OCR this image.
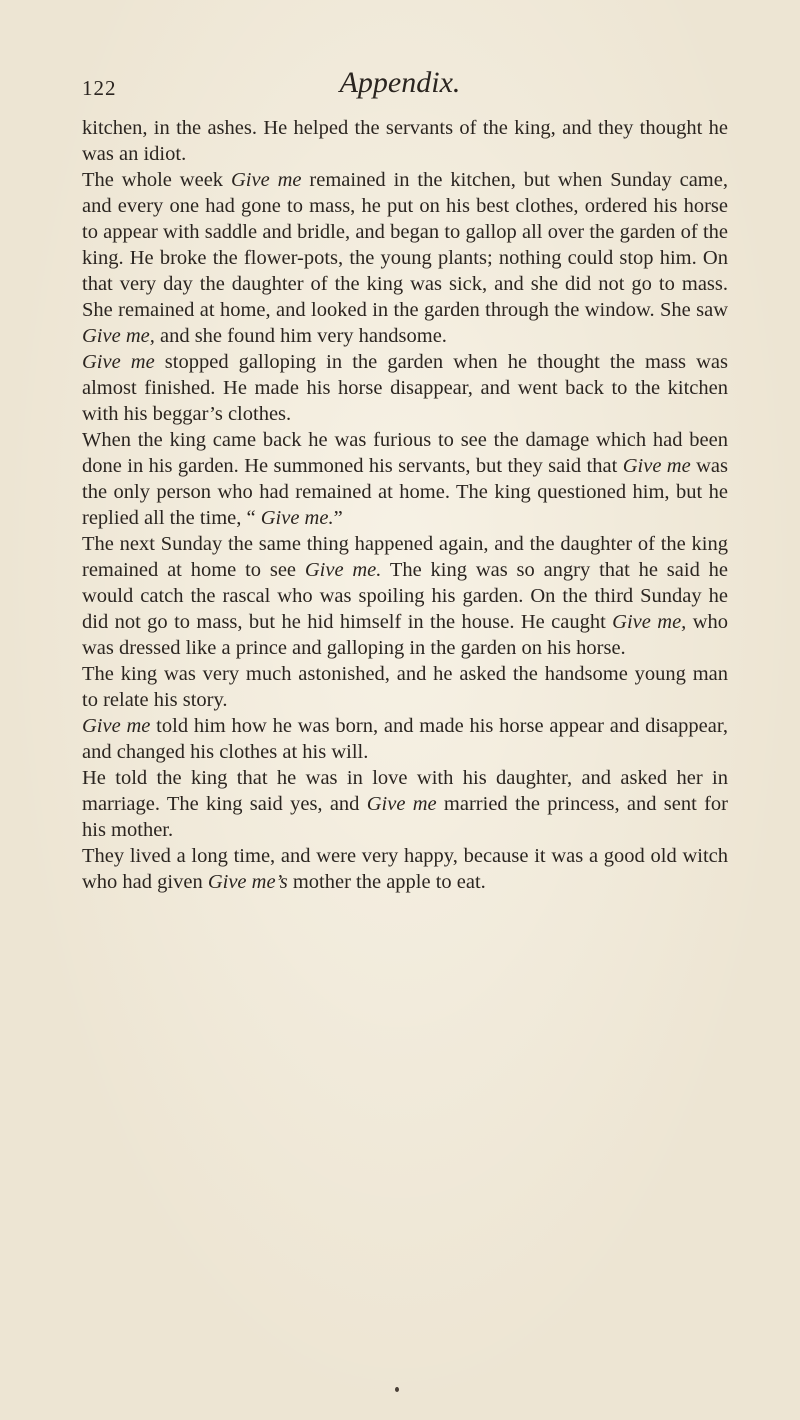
122	Appendix.

kitchen, in the ashes. He helped the servants of the king, and they thought he was an idiot.

The whole week Give me remained in the kitchen, but when Sunday came, and every one had gone to mass, he put on his best clothes, ordered his horse to appear with saddle and bridle, and began to gallop all over the garden of the king. He broke the flower-pots, the young plants; nothing could stop him. On that very day the daughter of the king was sick, and she did not go to mass. She remained at home, and looked in the garden through the window. She saw Give me, and she found him very handsome.

Give me stopped galloping in the garden when he thought the mass was almost finished. He made his horse disappear, and went back to the kitchen with his beggar’s clothes.

When the king came back he was furious to see the damage which had been done in his garden. He summoned his servants, but they said that Give me was the only person who had remained at home. The king questioned him, but he replied all the time, “ Give me.”

The next Sunday the same thing happened again, and the daughter of the king remained at home to see Give me. The king was so angry that he said he would catch the rascal who was spoiling his garden. On the third Sunday he did not go to mass, but he hid himself in the house. He caught Give me, who was dressed like a prince and galloping in the garden on his horse.

The king was very much astonished, and he asked the handsome young man to relate his story.

Give me told him how he was born, and made his horse appear and disappear, and changed his clothes at his will.

He told the king that he was in love with his daughter, and asked her in marriage. The king said yes, and Give me married the princess, and sent for his mother.

They lived a long time, and were very happy, because it was a good old witch who had given Give me’s mother the apple to eat.
